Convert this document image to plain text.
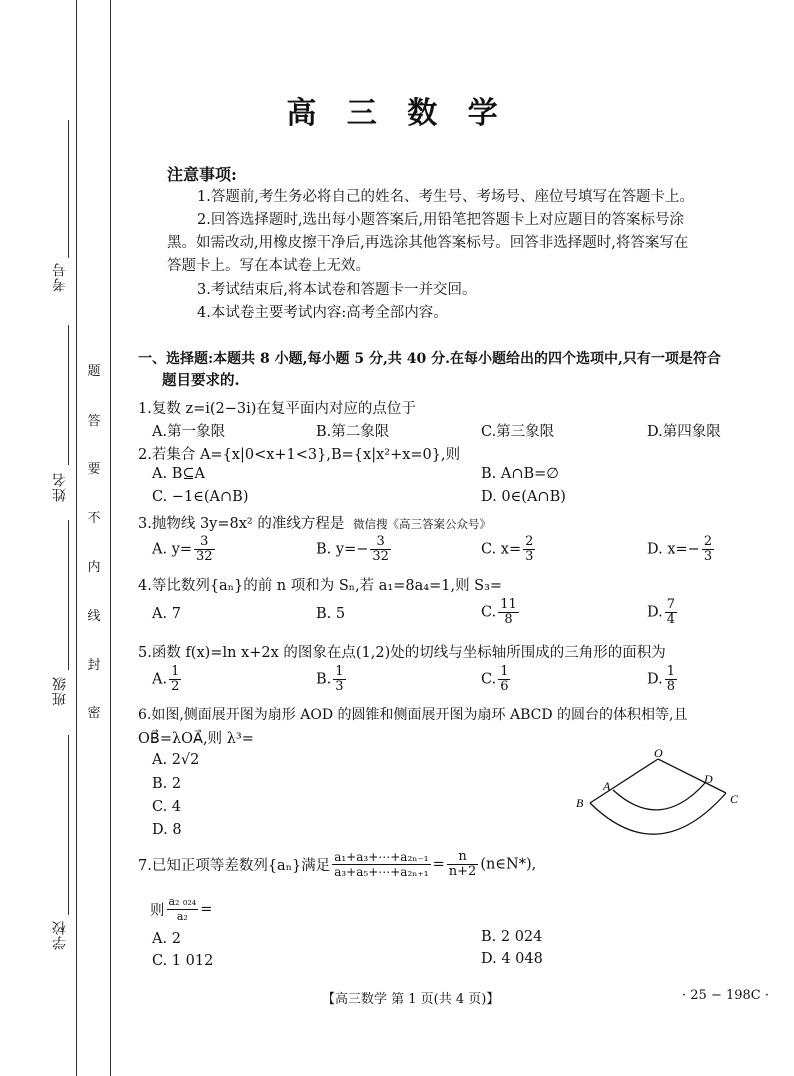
考号
姓名
班级
学校
题
答
要
不
内
线
封
密
高 三 数 学
注意事项:
1.答题前,考生务必将自己的姓名、考生号、考场号、座位号填写在答题卡上。
2.回答选择题时,选出每小题答案后,用铅笔把答题卡上对应题目的答案标号涂
黑。如需改动,用橡皮擦干净后,再选涂其他答案标号。回答非选择题时,将答案写在
答题卡上。写在本试卷上无效。
3.考试结束后,将本试卷和答题卡一并交回。
4.本试卷主要考试内容:高考全部内容。
一、选择题:本题共 8 小题,每小题 5 分,共 40 分.在每小题给出的四个选项中,只有一项是符合
题目要求的.
1.复数 z=i(2−3i)在复平面内对应的点位于
A.第一象限	B.第二象限	C.第三象限	D.第四象限
2.若集合 A={x|0<x+1<3},B={x|x²+x=0},则
A. B⊆A	B. A∩B=∅
C. −1∈(A∩B)	D. 0∈(A∩B)
3.抛物线 3y=8x² 的准线方程是 微信搜《高三答案公众号》
A. $y= \frac{3}{32}$	B. $y=- \frac{3}{32}$	C. $x= \frac{2}{3}$	D. $x=- \frac{2}{3}$
4.等比数列{aₙ}的前 n 项和为 Sₙ,若 a₁=8a₄=1,则 S₃=
A. 7	B. 5	C. $\frac{11}{8}$	D. $\frac{7}{4}$
5.函数 f(x)=ln x+2x 的图象在点(1,2)处的切线与坐标轴所围成的三角形的面积为
A. $\frac{1}{2}$	B. $\frac{1}{3}$	C. $\frac{1}{6}$	D. $\frac{1}{8}$
6.如图,侧面展开图为扇形 AOD 的圆锥和侧面展开图为扇环 ABCD 的圆台的体积相等,且
OB⃗=λOA⃗,则 λ³=
A. 2√2
B. 2
C. 4
D. 8
O
A	D
B	C
7.已知正项等差数列{aₙ}满足 $\frac{\text{a₁+a₃+⋯+a₂ₙ₋₁}}{\text{a₃+a₅+⋯+a₂ₙ₊₁}} = \frac{n}{n+2}$ (n∈N*),
则 $\frac{\text{a₂ ₀₂₄}}{\text{a₂}}$ =
A. 2	B. 2 024
C. 1 012	D. 4 048
【高三数学 第 1 页(共 4 页)】	· 25 − 198C ·
